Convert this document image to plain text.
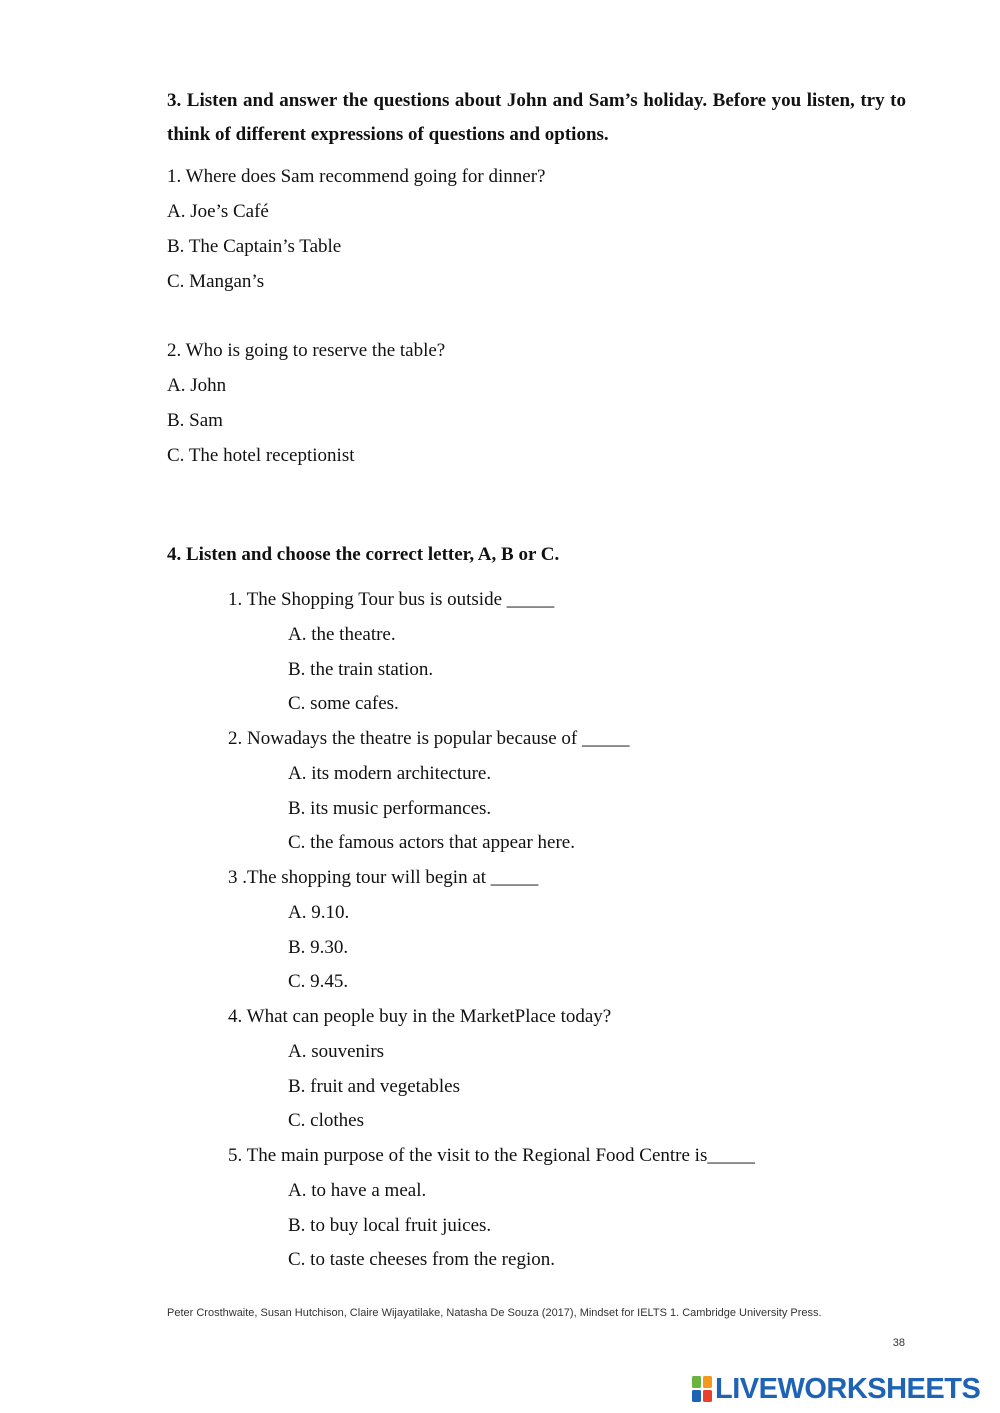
3. Listen and answer the questions about John and Sam’s holiday. Before you listen, try to think of different expressions of questions and options.
1. Where does Sam recommend going for dinner?
A. Joe’s Café
B. The Captain’s Table
C. Mangan’s
2. Who is going to reserve the table?
A. John
B. Sam
C. The hotel receptionist
4. Listen and choose the correct letter, A, B or C.
1. The Shopping Tour bus is outside _____
A. the theatre.
B. the train station.
C. some cafes.
2. Nowadays the theatre is popular because of _____
A. its modern architecture.
B. its music performances.
C. the famous actors that appear here.
3 .The shopping tour will begin at _____
A. 9.10.
B. 9.30.
C. 9.45.
4. What can people buy in the MarketPlace today?
A. souvenirs
B. fruit and vegetables
C. clothes
5. The main purpose of the visit to the Regional Food Centre is_____
A. to have a meal.
B. to buy local fruit juices.
C. to taste cheeses from the region.
Peter Crosthwaite, Susan Hutchison, Claire Wijayatilake, Natasha De Souza (2017), Mindset for IELTS 1. Cambridge University Press.
38
LIVEWORKSHEETS
